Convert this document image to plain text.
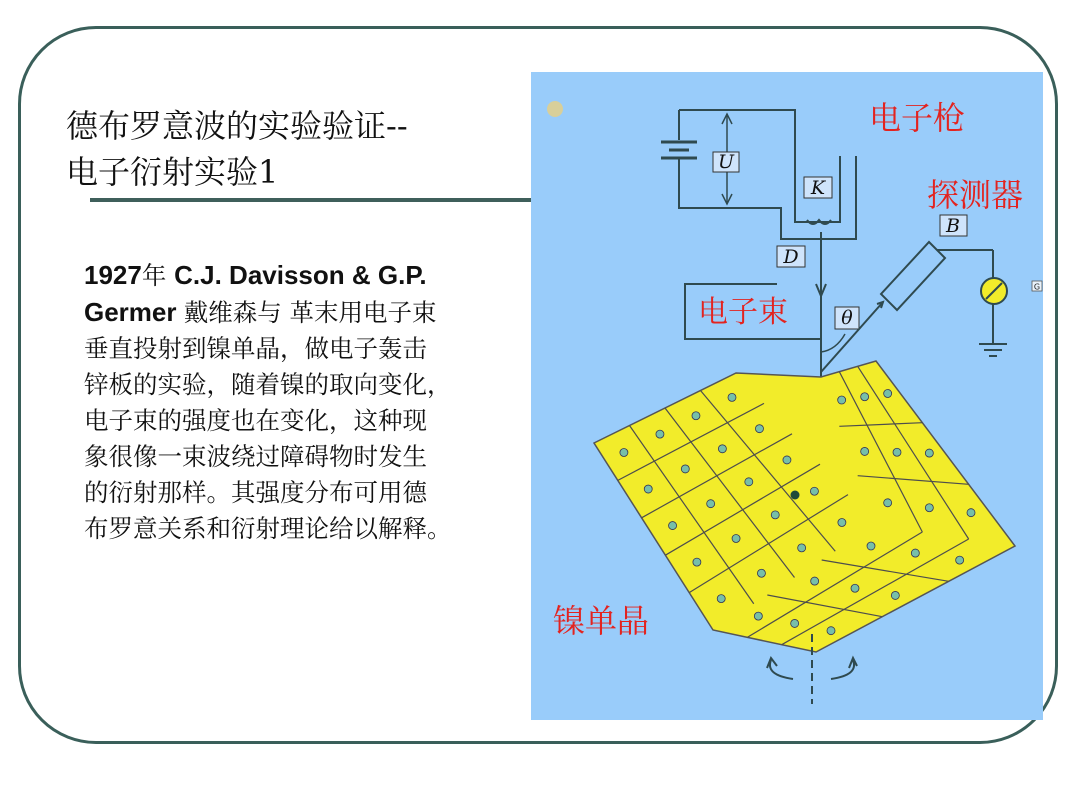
德布罗意波的实验验证--
电子衍射实验1
1927年 C.J. Davisson & G.P.
Germer 戴维森与 革末用电子束
垂直投射到镍单晶，做电子轰击
锌板的实验，随着镍的取向变化，
电子束的强度也在变化，这种现
象很像一束波绕过障碍物时发生
的衍射那样。其强度分布可用德
布罗意关系和衍射理论给以解释。
U
K
D
电子束	θ
B
G
电子枪
探测器
镍单晶
